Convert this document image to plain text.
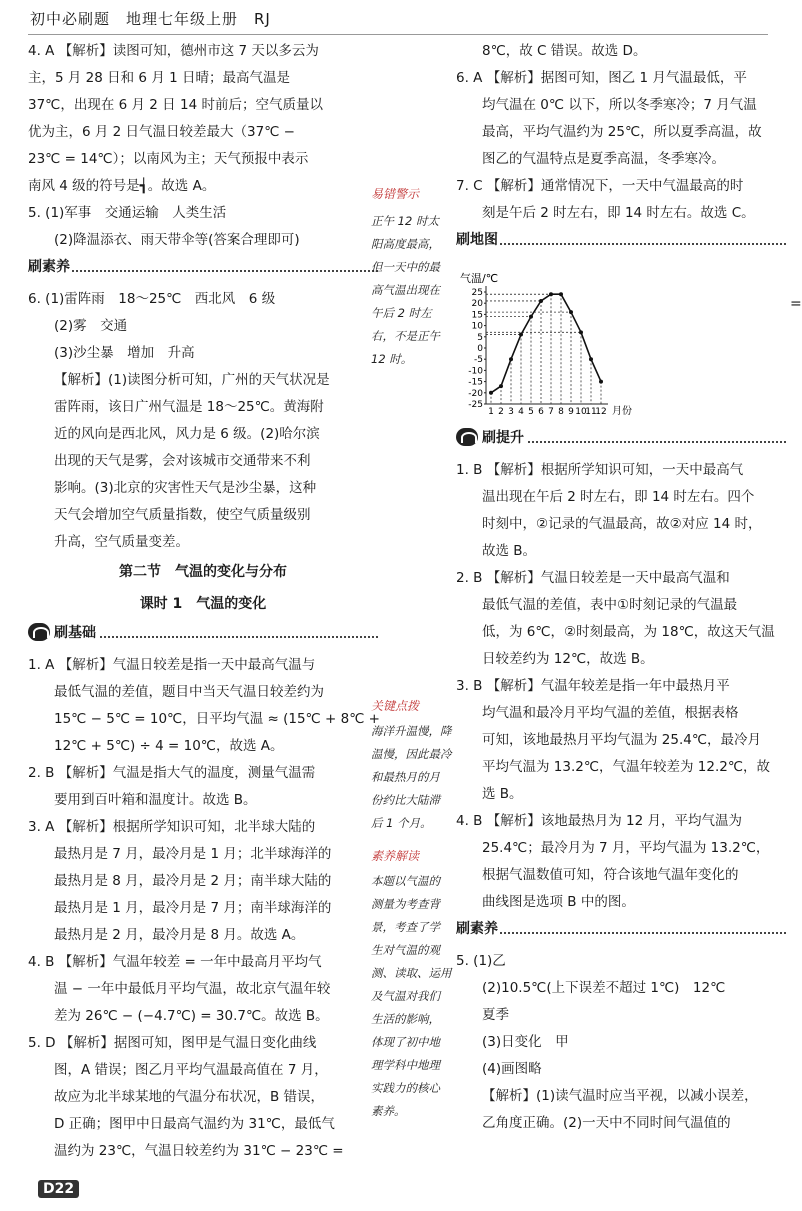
初中必刷题　地理七年级上册　RJ
4. A 【解析】读图可知，德州市这 7 天以多云为
主，5 月 28 日和 6 月 1 日晴；最高气温是
37℃，出现在 6 月 2 日 14 时前后；空气质量以
优为主，6 月 2 日气温日较差最大（37℃ −
23℃ = 14℃）；以南风为主；天气预报中表示
南风 4 级的符号是┪。故选 A。
5. (1)军事　交通运输　人类生活
(2)降温添衣、雨天带伞等(答案合理即可)
刷素养
6. (1)雷阵雨　18～25℃　西北风　6 级
(2)雾　交通
(3)沙尘暴　增加　升高
【解析】(1)读图分析可知，广州的天气状况是
雷阵雨，该日广州气温是 18～25℃。黄海附
近的风向是西北风，风力是 6 级。(2)哈尔滨
出现的天气是雾，会对该城市交通带来不利
影响。(3)北京的灾害性天气是沙尘暴，这种
天气会增加空气质量指数，使空气质量级别
升高，空气质量变差。
第二节　气温的变化与分布
课时 1　气温的变化
刷基础
1. A 【解析】气温日较差是指一天中最高气温与
最低气温的差值，题目中当天气温日较差约为
15℃ − 5℃ = 10℃，日平均气温 ≈ (15℃ + 8℃ +
12℃ + 5℃) ÷ 4 = 10℃，故选 A。
2. B 【解析】气温是指大气的温度，测量气温需
要用到百叶箱和温度计。故选 B。
3. A 【解析】根据所学知识可知，北半球大陆的
最热月是 7 月，最冷月是 1 月；北半球海洋的
最热月是 8 月，最冷月是 2 月；南半球大陆的
最热月是 1 月，最冷月是 7 月；南半球海洋的
最热月是 2 月，最冷月是 8 月。故选 A。
4. B 【解析】气温年较差 = 一年中最高月平均气
温 − 一年中最低月平均气温，故北京气温年较
差为 26℃ − (−4.7℃) = 30.7℃。故选 B。
5. D 【解析】据图可知，图甲是气温日变化曲线
图，A 错误；图乙月平均气温最高值在 7 月，
故应为北半球某地的气温分布状况，B 错误，
D 正确；图甲中日最高气温约为 31℃，最低气
温约为 23℃，气温日较差约为 31℃ − 23℃ =
8℃，故 C 错误。故选 D。
6. A 【解析】据图可知，图乙 1 月气温最低，平
均气温在 0℃ 以下，所以冬季寒冷；7 月气温
最高，平均气温约为 25℃，所以夏季高温，故
图乙的气温特点是夏季高温，冬季寒冷。
7. C 【解析】通常情况下，一天中气温最高的时
刻是午后 2 时左右，即 14 时左右。故选 C。
刷地图
刷提升
1. B 【解析】根据所学知识可知，一天中最高气
温出现在午后 2 时左右，即 14 时左右。四个
时刻中，②记录的气温最高，故②对应 14 时，
故选 B。
2. B 【解析】气温日较差是一天中最高气温和
最低气温的差值，表中①时刻记录的气温最
低，为 6℃，②时刻最高，为 18℃，故这天气温
日较差约为 12℃，故选 B。
3. B 【解析】气温年较差是指一年中最热月平
均气温和最冷月平均气温的差值，根据表格
可知，该地最热月平均气温为 25.4℃，最冷月
平均气温为 13.2℃，气温年较差为 12.2℃，故
选 B。
4. B 【解析】该地最热月为 12 月，平均气温为
25.4℃；最冷月为 7 月，平均气温为 13.2℃，
根据气温数值可知，符合该地气温年变化的
曲线图是选项 B 中的图。
刷素养
5. (1)乙
(2)10.5℃(上下误差不超过 1℃)　12℃
夏季
(3)日变化　甲
(4)画图略
【解析】(1)读气温时应当平视，以减小误差，
乙角度正确。(2)一天中不同时间气温值的
易错警示
正午 12 时太
阳高度最高，
但一天中的最
高气温出现在
午后 2 时左
右，不是正午
12 时。
关键点拨
海洋升温慢，降
温慢，因此最冷
和最热月的月
份约比大陆滞
后 1 个月。
素养解读
本题以气温的
测量为考查背
景，考查了学
生对气温的观
测、读取、运用
及气温对我们
生活的影响，
体现了初中地
理学科中地理
实践力的核心
素养。
气温/℃
25
20
15
10
5
0
-5
-10
-15
-20
-25
1 2 3 4 5 6 7 8 9 10
11
12 月份
D22
=
